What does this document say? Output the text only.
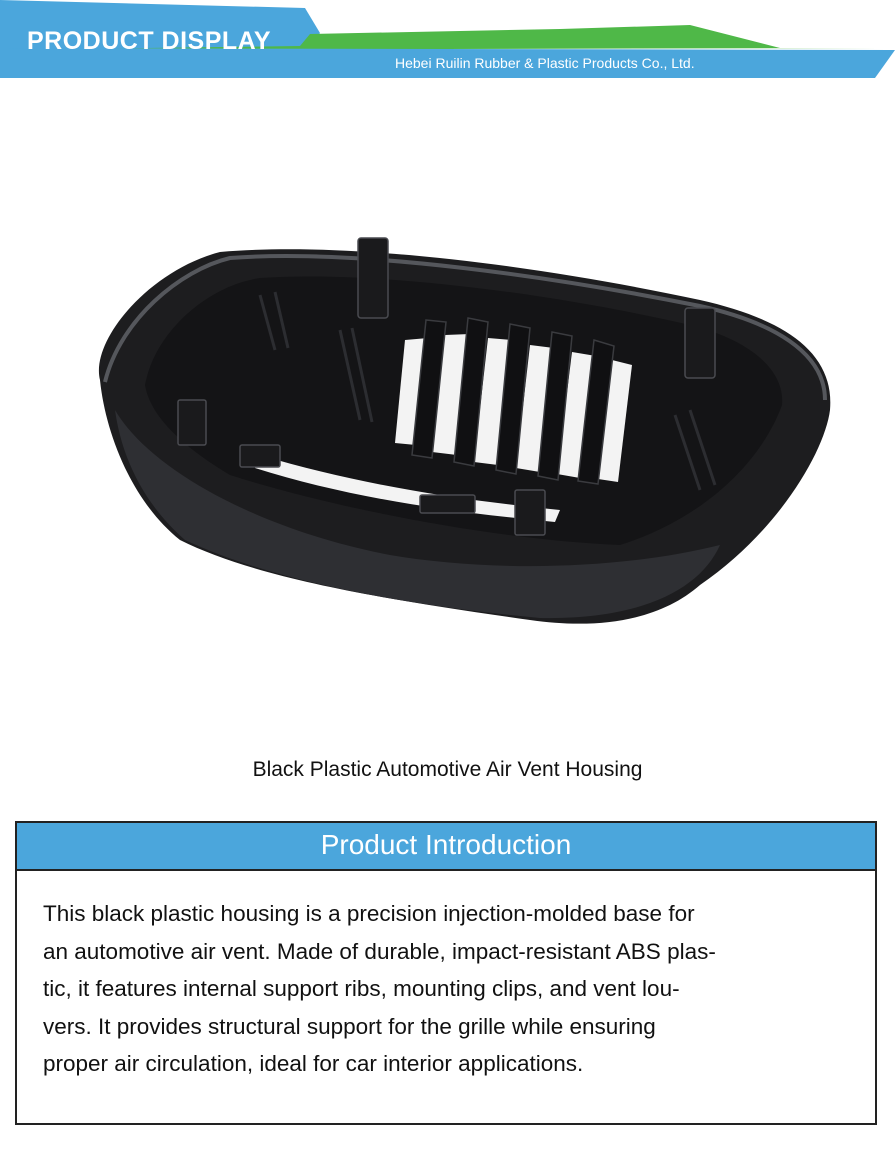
PRODUCT DISPLAY
Hebei Ruilin Rubber & Plastic Products Co., Ltd.
Black Plastic Automotive Air Vent Housing
Product Introduction
This black plastic housing is a precision injection-molded base for
an automotive air vent. Made of durable, impact-resistant ABS plas-
tic, it features internal support ribs, mounting clips, and vent lou-
vers. It provides structural support for the grille while ensuring
proper air circulation, ideal for car interior applications.
